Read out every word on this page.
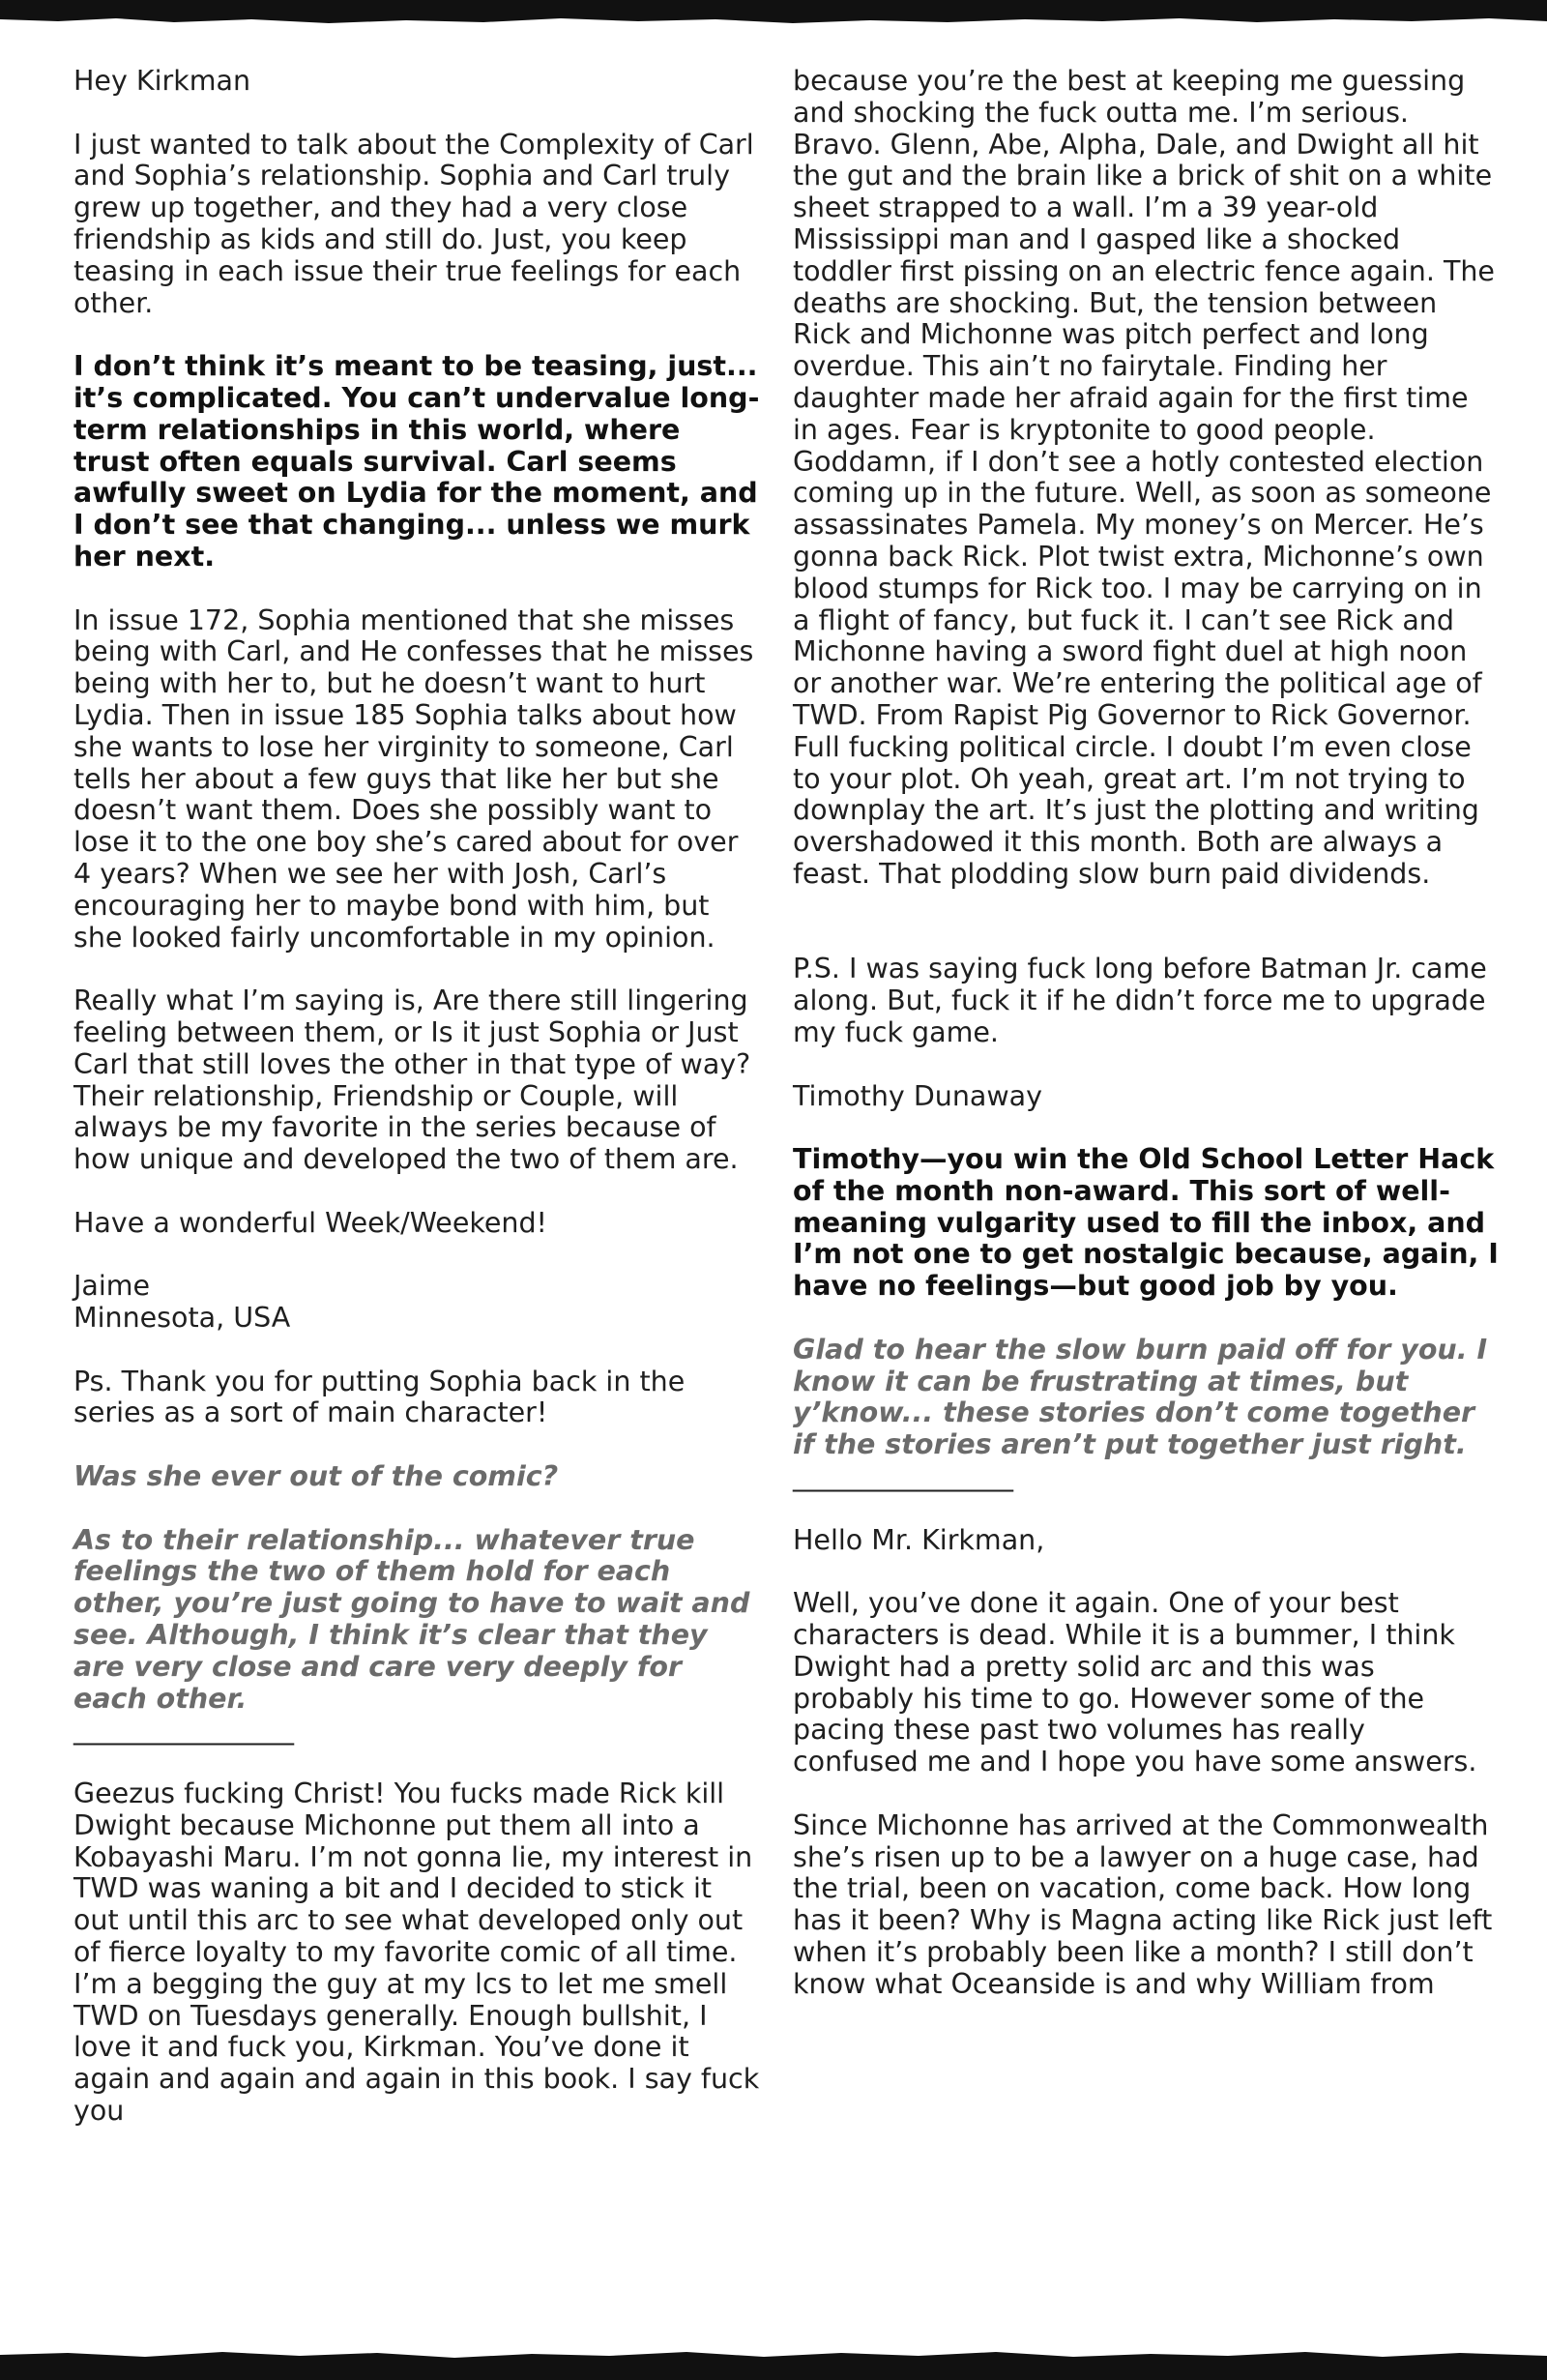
Hey Kirkman

I just wanted to talk about the Complexity of Carl and Sophia’s relationship. Sophia and Carl truly grew up together, and they had a very close friendship as kids and still do. Just, you keep teasing in each issue their true feelings for each other.

I don’t think it’s meant to be teasing, just... it’s complicated. You can’t undervalue long-term relationships in this world, where trust often equals survival. Carl seems awfully sweet on Lydia for the moment, and I don’t see that changing... unless we murk her next.

In issue 172, Sophia mentioned that she misses being with Carl, and He confesses that he misses being with her to, but he doesn’t want to hurt Lydia. Then in issue 185 Sophia talks about how she wants to lose her virginity to someone, Carl tells her about a few guys that like her but she doesn’t want them. Does she possibly want to lose it to the one boy she’s cared about for over 4 years? When we see her with Josh, Carl’s encouraging her to maybe bond with him, but she looked fairly uncomfortable in my opinion.

Really what I’m saying is, Are there still lingering feeling between them, or Is it just Sophia or Just Carl that still loves the other in that type of way? Their relationship, Friendship or Couple, will always be my favorite in the series because of how unique and developed the two of them are.

Have a wonderful Week/Weekend!

Jaime
Minnesota, USA

Ps. Thank you for putting Sophia back in the series as a sort of main character!

Was she ever out of the comic?

As to their relationship... whatever true feelings the two of them hold for each other, you’re just going to have to wait and see. Although, I think it’s clear that they are very close and care very deeply for each other.

________________

Geezus fucking Christ! You fucks made Rick kill Dwight because Michonne put them all into a Kobayashi Maru. I’m not gonna lie, my interest in TWD was waning a bit and I decided to stick it out until this arc to see what developed only out of fierce loyalty to my favorite comic of all time. I’m a begging the guy at my lcs to let me smell TWD on Tuesdays generally. Enough bullshit, I love it and fuck you, Kirkman. You’ve done it again and again and again in this book. I say fuck you

because you’re the best at keeping me guessing and shocking the fuck outta me. I’m serious. Bravo. Glenn, Abe, Alpha, Dale, and Dwight all hit the gut and the brain like a brick of shit on a white sheet strapped to a wall. I’m a 39 year-old Mississippi man and I gasped like a shocked toddler first pissing on an electric fence again. The deaths are shocking. But, the tension between Rick and Michonne was pitch perfect and long overdue. This ain’t no fairytale. Finding her daughter made her afraid again for the first time in ages. Fear is kryptonite to good people. Goddamn, if I don’t see a hotly contested election coming up in the future. Well, as soon as someone assassinates Pamela. My money’s on Mercer. He’s gonna back Rick. Plot twist extra, Michonne’s own blood stumps for Rick too. I may be carrying on in a flight of fancy, but fuck it. I can’t see Rick and Michonne having a sword fight duel at high noon or another war. We’re entering the political age of TWD. From Rapist Pig Governor to Rick Governor. Full fucking political circle. I doubt I’m even close to your plot. Oh yeah, great art. I’m not trying to downplay the art. It’s just the plotting and writing overshadowed it this month. Both are always a feast. That plodding slow burn paid dividends.

P.S. I was saying fuck long before Batman Jr. came along. But, fuck it if he didn’t force me to upgrade my fuck game.

Timothy Dunaway

Timothy—you win the Old School Letter Hack of the month non-award. This sort of well-meaning vulgarity used to fill the inbox, and I’m not one to get nostalgic because, again, I have no feelings—but good job by you.

Glad to hear the slow burn paid off for you. I know it can be frustrating at times, but y’know... these stories don’t come together if the stories aren’t put together just right.

________________

Hello Mr. Kirkman,

Well, you’ve done it again. One of your best characters is dead. While it is a bummer, I think Dwight had a pretty solid arc and this was probably his time to go. However some of the pacing these past two volumes has really confused me and I hope you have some answers.

Since Michonne has arrived at the Commonwealth she’s risen up to be a lawyer on a huge case, had the trial, been on vacation, come back. How long has it been? Why is Magna acting like Rick just left when it’s probably been like a month? I still don’t know what Oceanside is and why William from
